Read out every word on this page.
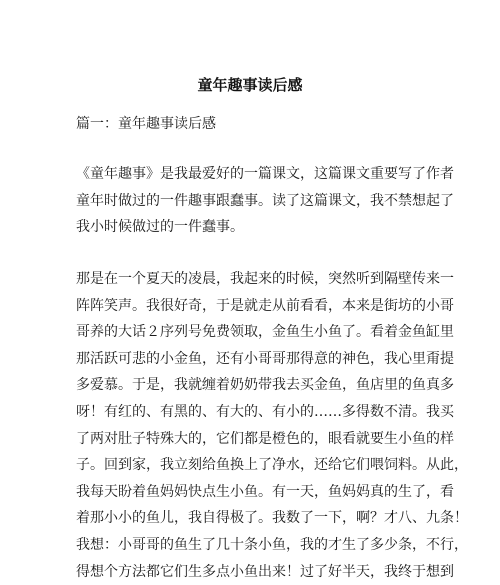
童年趣事读后感
篇一：童年趣事读后感
《童年趣事》是我最爱好的一篇课文，这篇课文重要写了作者
童年时做过的一件趣事跟蠢事。读了这篇课文，我不禁想起了
我小时候做过的一件蠢事。
那是在一个夏天的凌晨，我起来的时候，突然听到隔壁传来一
阵阵笑声。我很好奇，于是就走从前看看，本来是街坊的小哥
哥养的大话２序列号免费领取，金鱼生小鱼了。看着金鱼缸里
那活跃可悲的小金鱼，还有小哥哥那得意的神色，我心里甭提
多爱慕。于是，我就缠着奶奶带我去买金鱼，鱼店里的鱼真多
呀！有红的、有黑的、有大的、有小的……多得数不清。我买
了两对肚子特殊大的，它们都是橙色的，眼看就要生小鱼的样
子。回到家，我立刻给鱼换上了净水，还给它们喂饲料。从此，
我每天盼着鱼妈妈快点生小鱼。有一天，鱼妈妈真的生了，看
着那小小的鱼儿，我自得极了。我数了一下，啊？才八、九条！
我想：小哥哥的鱼生了几十条小鱼，我的才生了多少条，不行，
得想个方法都它们生多点小鱼出来！过了好半天，我终于想到
